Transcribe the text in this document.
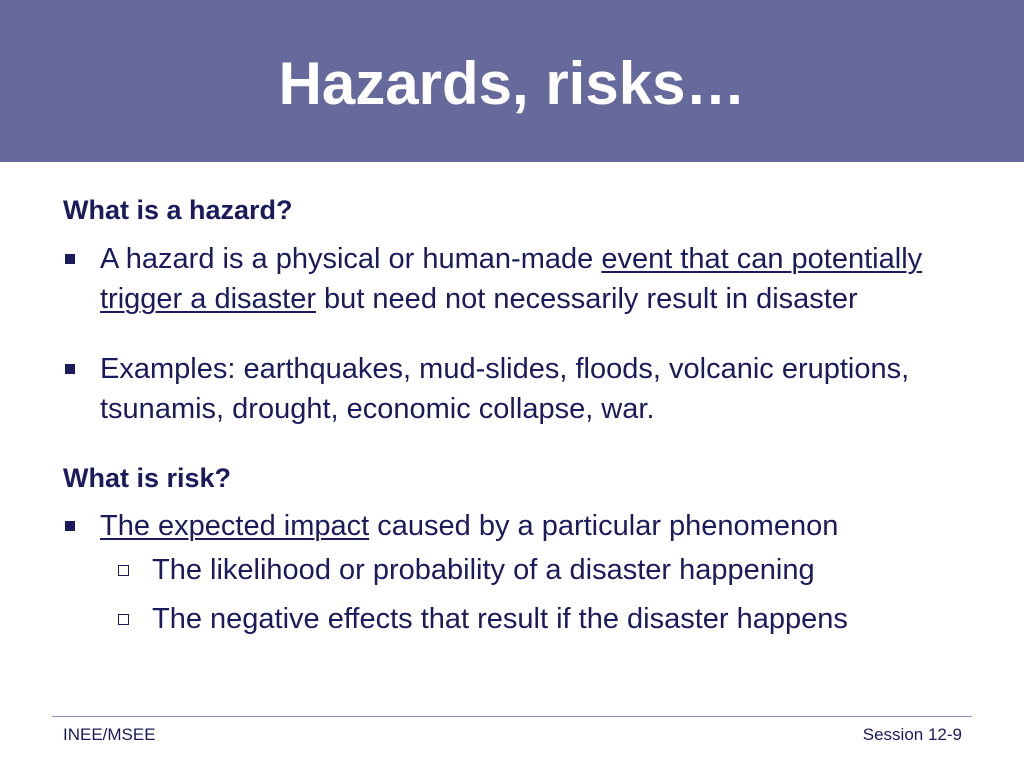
Hazards, risks…

What is a hazard?

A hazard is a physical or human-made event that can potentially trigger a disaster but need not necessarily result in disaster
Examples: earthquakes, mud-slides, floods, volcanic eruptions, tsunamis, drought, economic collapse, war.

What is risk?

The expected impact caused by a particular phenomenon
The likelihood or probability of a disaster happening
The negative effects that result if the disaster happens
INEE/MSEE	Session 12-9
